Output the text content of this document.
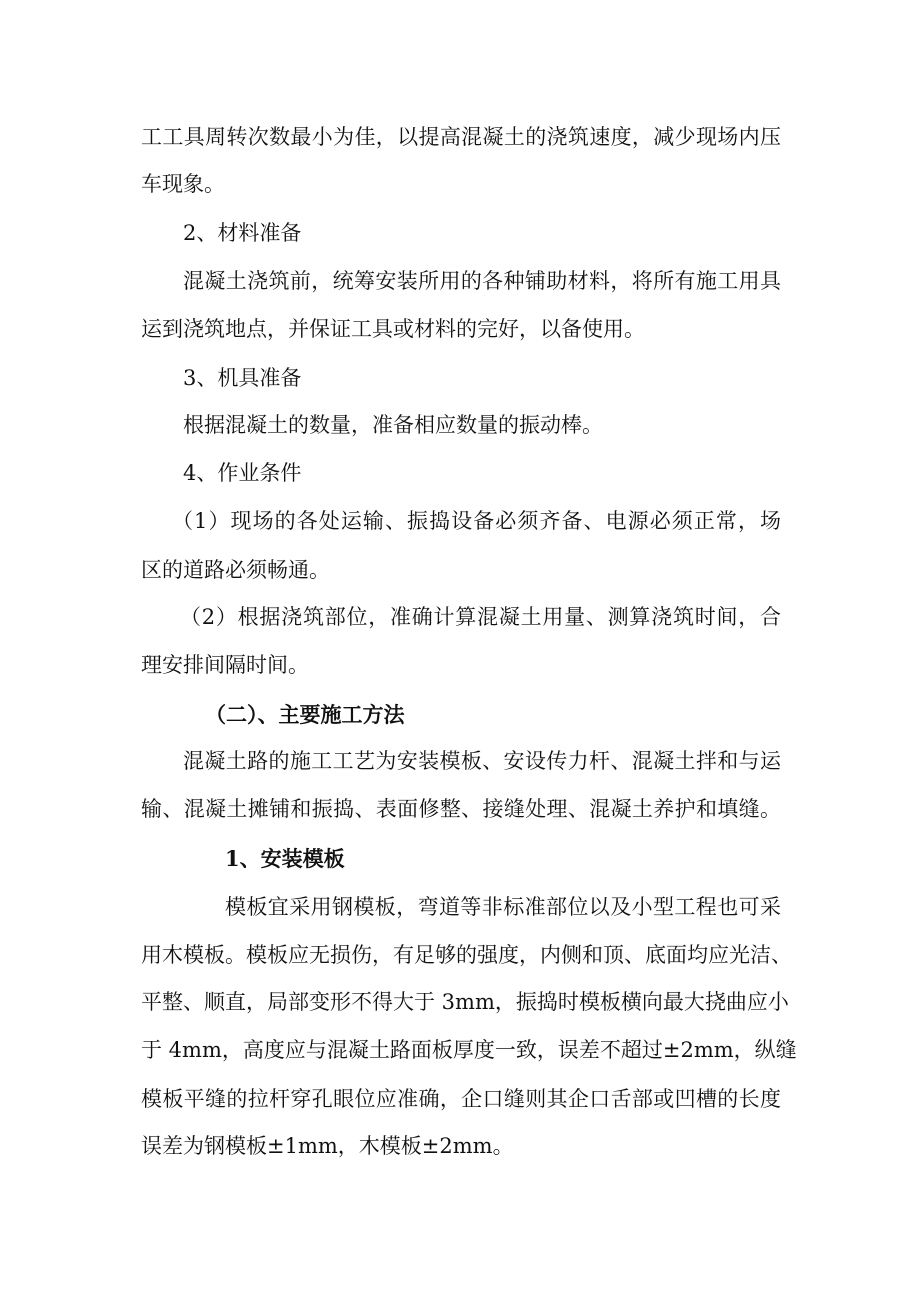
工工具周转次数最小为佳，以提高混凝土的浇筑速度，减少现场内压
车现象。
2、材料准备
混凝土浇筑前，统筹安装所用的各种铺助材料，将所有施工用具
运到浇筑地点，并保证工具或材料的完好，以备使用。
3、机具准备
根据混凝土的数量，准备相应数量的振动棒。
4、作业条件
（1）现场的各处运输、振捣设备必须齐备、电源必须正常，场
区的道路必须畅通。
（2）根据浇筑部位，准确计算混凝土用量、测算浇筑时间，合
理安排间隔时间。
（二）、主要施工方法
混凝土路的施工工艺为安装模板、安设传力杆、混凝土拌和与运
输、混凝土摊铺和振捣、表面修整、接缝处理、混凝土养护和填缝。
1、安装模板
模板宜采用钢模板，弯道等非标准部位以及小型工程也可采
用木模板。模板应无损伤，有足够的强度，内侧和顶、底面均应光洁、
平整、顺直，局部变形不得大于 3mm，振捣时模板横向最大挠曲应小
于 4mm，高度应与混凝土路面板厚度一致，误差不超过±2mm，纵缝
模板平缝的拉杆穿孔眼位应准确，企口缝则其企口舌部或凹槽的长度
误差为钢模板±1mm，木模板±2mm。
